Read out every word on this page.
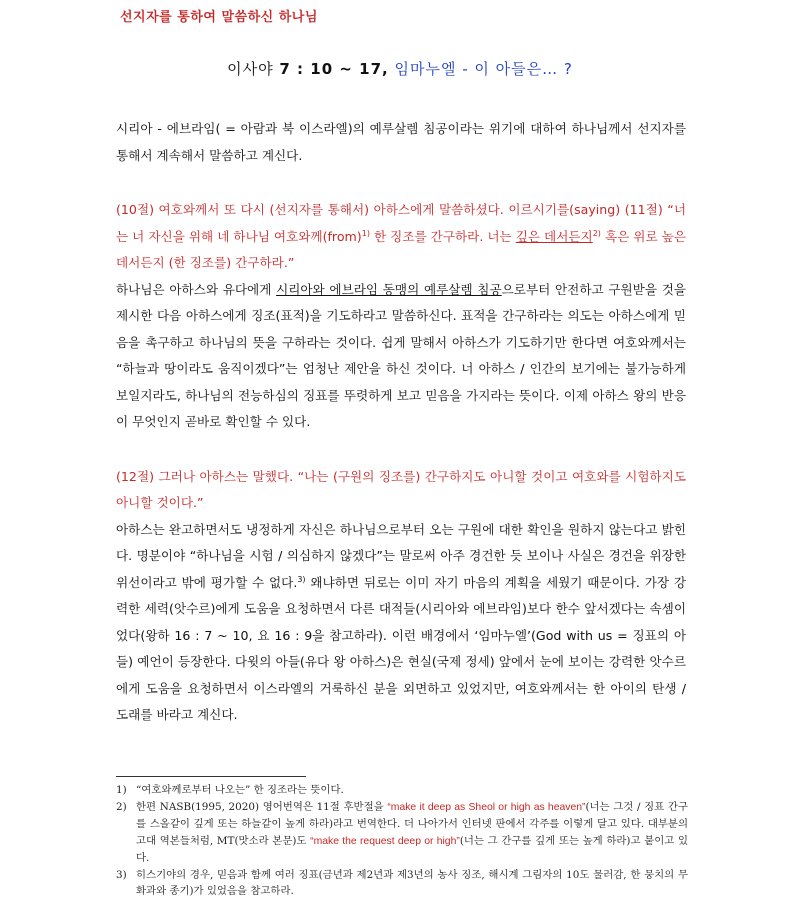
선지자를 통하여 말씀하신 하나님
이사야 7 : 10 ~ 17, 임마누엘 - 이 아들은… ?

시리아 - 에브라임( = 아람과 북 이스라엘)의 예루살렘 침공이라는 위기에 대하여 하나님께서 선지자를 통해서 계속해서 말씀하고 계신다.

(10절) 여호와께서 또 다시 (선지자를 통해서) 아하스에게 말씀하셨다. 이르시기를(saying) (11절) “너는 너 자신을 위해 네 하나님 여호와께(from)$^{1)}$ 한 징조를 간구하라. 너는 깊은 데서든지$^{2)}$ 혹은 위로 높은 데서든지 (한 징조를) 간구하라.”

하나님은 아하스와 유다에게 시리아와 에브라임 동맹의 예루살렘 침공으로부터 안전하고 구원받을 것을 제시한 다음 아하스에게 징조(표적)을 기도하라고 말씀하신다. 표적을 간구하라는 의도는 아하스에게 믿음을 촉구하고 하나님의 뜻을 구하라는 것이다. 쉽게 말해서 아하스가 기도하기만 한다면 여호와께서는 “하늘과 땅이라도 움직이겠다”는 엄청난 제안을 하신 것이다. 너 아하스 / 인간의 보기에는 불가능하게 보일지라도, 하나님의 전능하심의 징표를 뚜렷하게 보고 믿음을 가지라는 뜻이다. 이제 아하스 왕의 반응이 무엇인지 곧바로 확인할 수 있다.

(12절) 그러나 아하스는 말했다. “나는 (구원의 징조를) 간구하지도 아니할 것이고 여호와를 시험하지도 아니할 것이다.”

아하스는 완고하면서도 냉정하게 자신은 하나님으로부터 오는 구원에 대한 확인을 원하지 않는다고 밝힌다. 명분이야 “하나님을 시험 / 의심하지 않겠다”는 말로써 아주 경건한 듯 보이나 사실은 경건을 위장한 위선이라고 밖에 평가할 수 없다.$^{3)}$ 왜냐하면 뒤로는 이미 자기 마음의 계획을 세웠기 때문이다. 가장 강력한 세력(앗수르)에게 도움을 요청하면서 다른 대적들(시리아와 에브라임)보다 한수 앞서겠다는 속셈이었다(왕하 16 : 7 ~ 10, 요 16 : 9을 참고하라). 이런 배경에서 ‘임마누엘’(God with us = 징표의 아들) 예언이 등장한다. 다윗의 아들(유다 왕 아하스)은 현실(국제 정세) 앞에서 눈에 보이는 강력한 앗수르에게 도움을 요청하면서 이스라엘의 거룩하신 분을 외면하고 있었지만, 여호와께서는 한 아이의 탄생 / 도래를 바라고 계신다.

1) “여호와께로부터 나오는” 한 징조라는 뜻이다.
2) 한편 NASB(1995, 2020) 영어번역은 11절 후반절을 “make it deep as Sheol or high as heaven”(너는 그것 / 징표 간구를 스올같이 깊게 또는 하늘같이 높게 하라)라고 번역한다. 더 나아가서 인터넷 판에서 각주를 이렇게 달고 있다. 대부분의 고대 역본들처럼, MT(맛소라 본문)도 “make the request deep or high”(너는 그 간구를 깊게 또는 높게 하라)고 붙이고 있다.
3) 히스기야의 경우, 믿음과 함께 여러 징표(금년과 제2년과 제3년의 농사 징조, 해시계 그림자의 10도 물러감, 한 뭉치의 무화과와 종기)가 있었음을 참고하라.
